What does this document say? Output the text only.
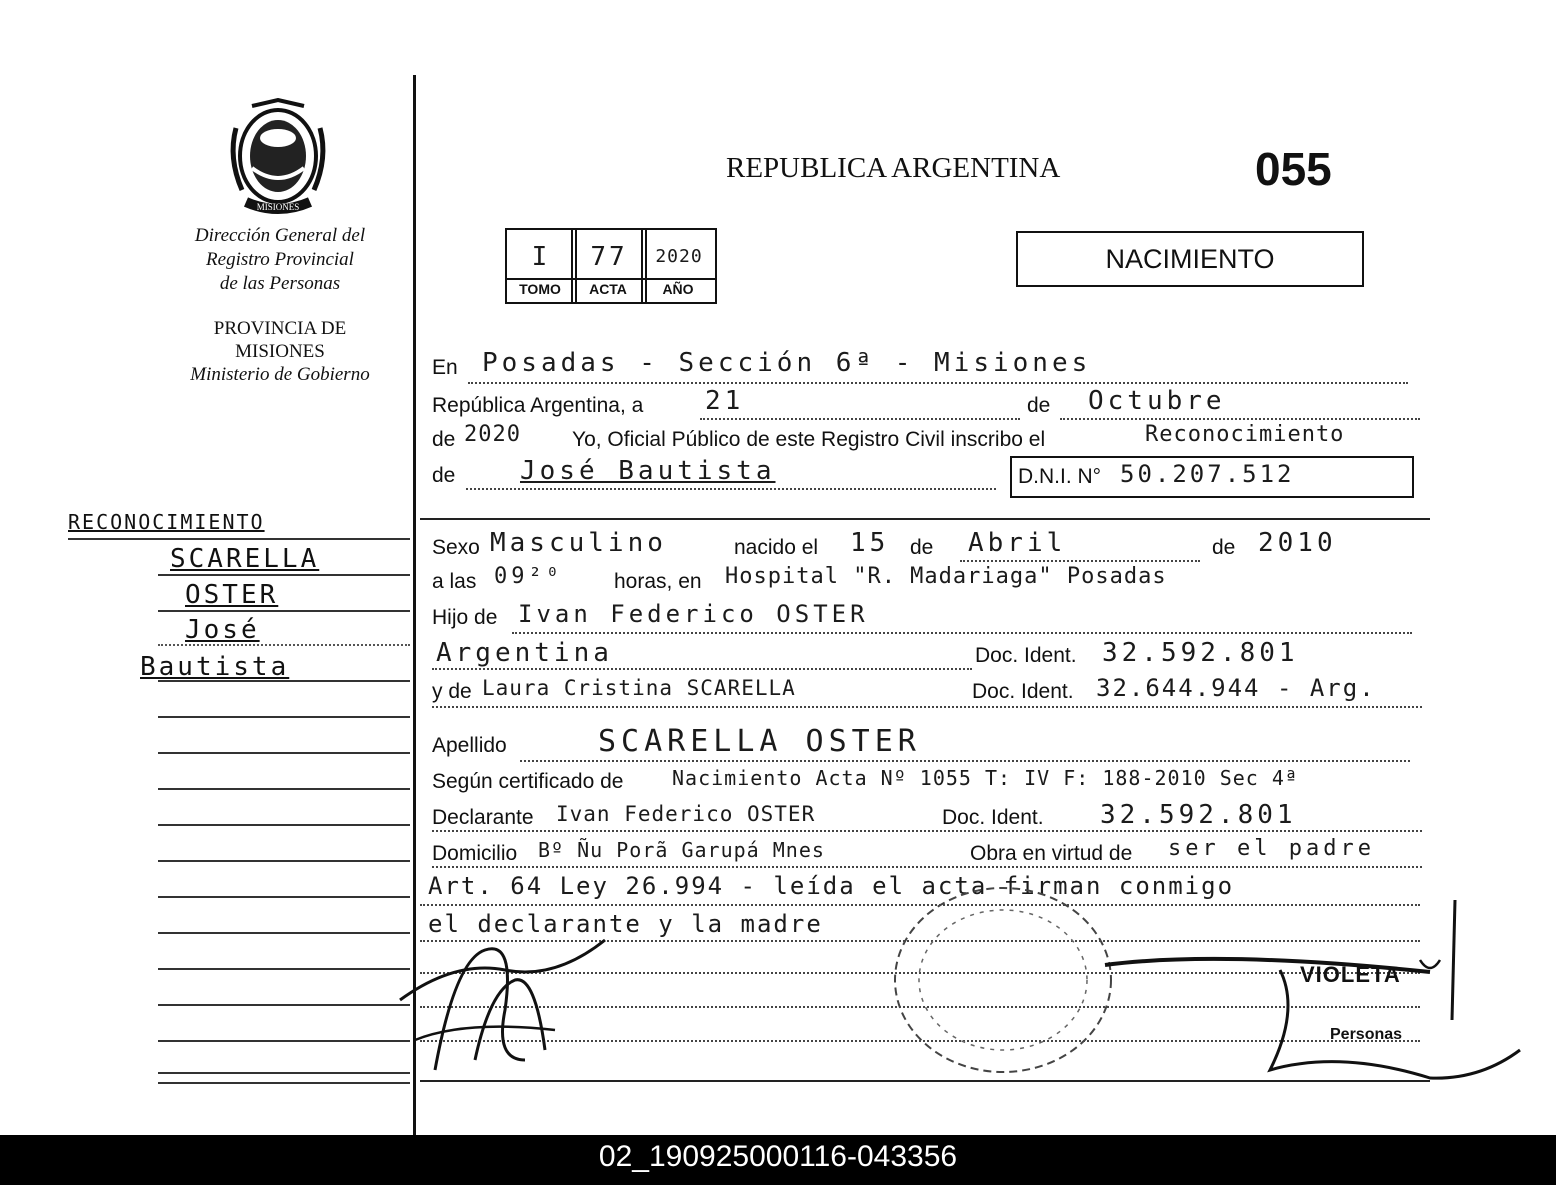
MISIONES
Dirección General del
Registro Provincial
de las Personas
PROVINCIA DE
MISIONES
Ministerio de Gobierno
REPUBLICA ARGENTINA	055
I	77	2020
TOMO	ACTA	AÑO
NACIMIENTO
RECONOCIMIENTO
SCARELLA
OSTER
José
Bautista
En Posadas - Sección 6ª - Misiones
República Argentina, a 21	de Octubre
de 2020 Yo, Oficial Público de este Registro Civil inscribo el	Reconocimiento
de José Bautista	D.N.I. N° 50.207.512
Sexo Masculino	nacido el 15 de Abril	de 2010
a las 09²⁰ horas, en Hospital "R. Madariaga" Posadas
Hijo de Ivan Federico OSTER
Argentina	Doc. Ident. 32.592.801
y de Laura Cristina SCARELLA	Doc. Ident. 32.644.944 - Arg.
Apellido	SCARELLA OSTER
Según certificado de Nacimiento Acta Nº 1055 T: IV F: 188-2010 Sec 4ª
Declarante Ivan Federico OSTER	Doc. Ident. 32.592.801
Domicilio Bº Ñu Porã Garupá Mnes	Obra en virtud de ser el padre
Art. 64 Ley 26.994 - leída el acta firman conmigo
el declarante y la madre
VIOLETA
Personas
02_190925000116-043356
